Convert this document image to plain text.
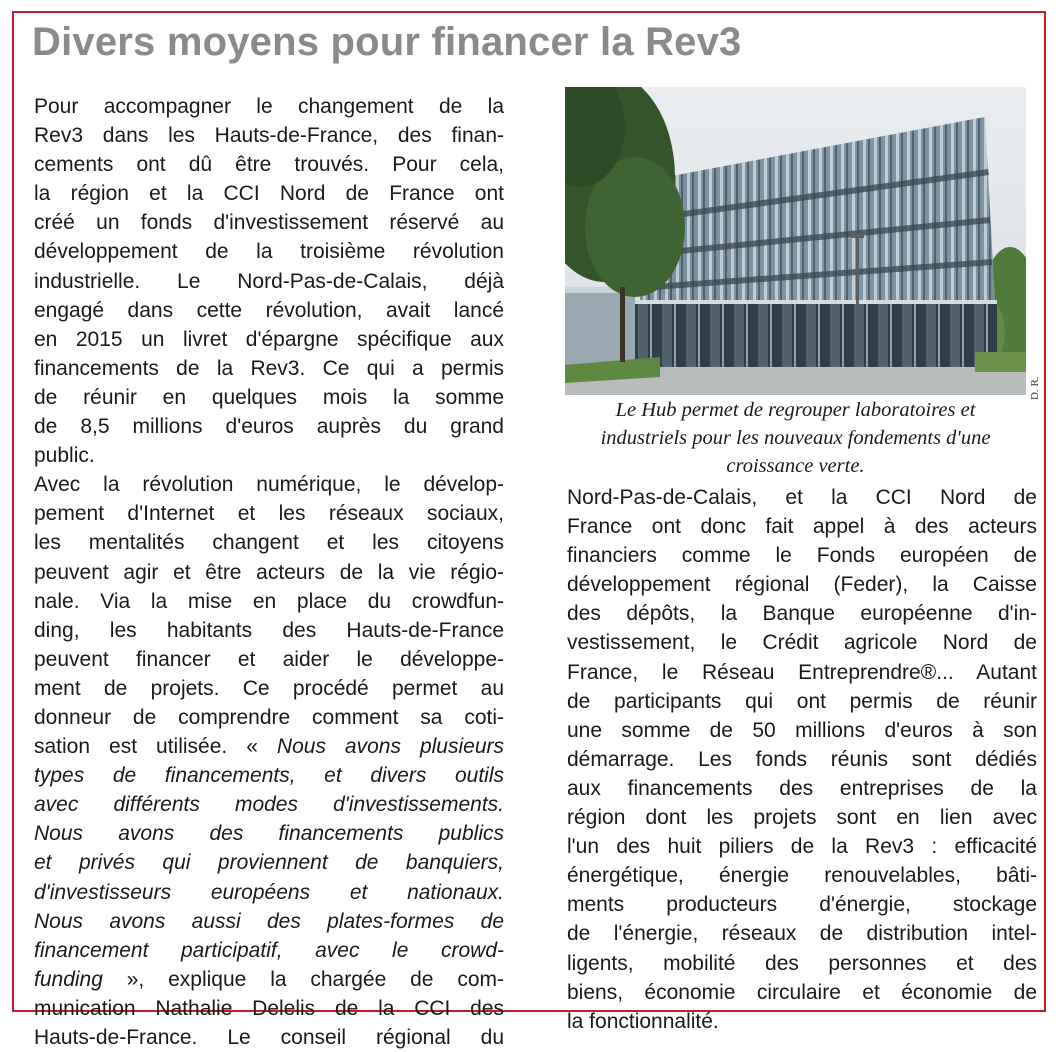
Divers moyens pour financer la Rev3
Pour accompagner le changement de la
Rev3 dans les Hauts-de-France, des finan-
cements ont dû être trouvés. Pour cela,
la région et la CCI Nord de France ont
créé un fonds d'investissement réservé au
développement de la troisième révolution
industrielle. Le Nord-Pas-de-Calais, déjà
engagé dans cette révolution, avait lancé
en 2015 un livret d'épargne spécifique aux
financements de la Rev3. Ce qui a permis
de réunir en quelques mois la somme
de 8,5 millions d'euros auprès du grand
public.
Avec la révolution numérique, le dévelop-
pement d'Internet et les réseaux sociaux,
les mentalités changent et les citoyens
peuvent agir et être acteurs de la vie régio-
nale. Via la mise en place du crowdfun-
ding, les habitants des Hauts-de-France
peuvent financer et aider le développe-
ment de projets. Ce procédé permet au
donneur de comprendre comment sa coti-
sation est utilisée. « Nous avons plusieurs
types de financements, et divers outils
avec différents modes d'investissements.
Nous avons des financements publics
et privés qui proviennent de banquiers,
d'investisseurs européens et nationaux.
Nous avons aussi des plates-formes de
financement participatif, avec le crowd-
funding », explique la chargée de com-
munication Nathalie Delelis de la CCI des
Hauts-de-France. Le conseil régional du
D. R.
Le Hub permet de regrouper laboratoires et
industriels pour les nouveaux fondements d'une
croissance verte.
Nord-Pas-de-Calais, et la CCI Nord de
France ont donc fait appel à des acteurs
financiers comme le Fonds européen de
développement régional (Feder), la Caisse
des dépôts, la Banque européenne d'in-
vestissement, le Crédit agricole Nord de
France, le Réseau Entreprendre®... Autant
de participants qui ont permis de réunir
une somme de 50 millions d'euros à son
démarrage. Les fonds réunis sont dédiés
aux financements des entreprises de la
région dont les projets sont en lien avec
l'un des huit piliers de la Rev3 : efficacité
énergétique, énergie renouvelables, bâti-
ments producteurs d'énergie, stockage
de l'énergie, réseaux de distribution intel-
ligents, mobilité des personnes et des
biens, économie circulaire et économie de
la fonctionnalité.
